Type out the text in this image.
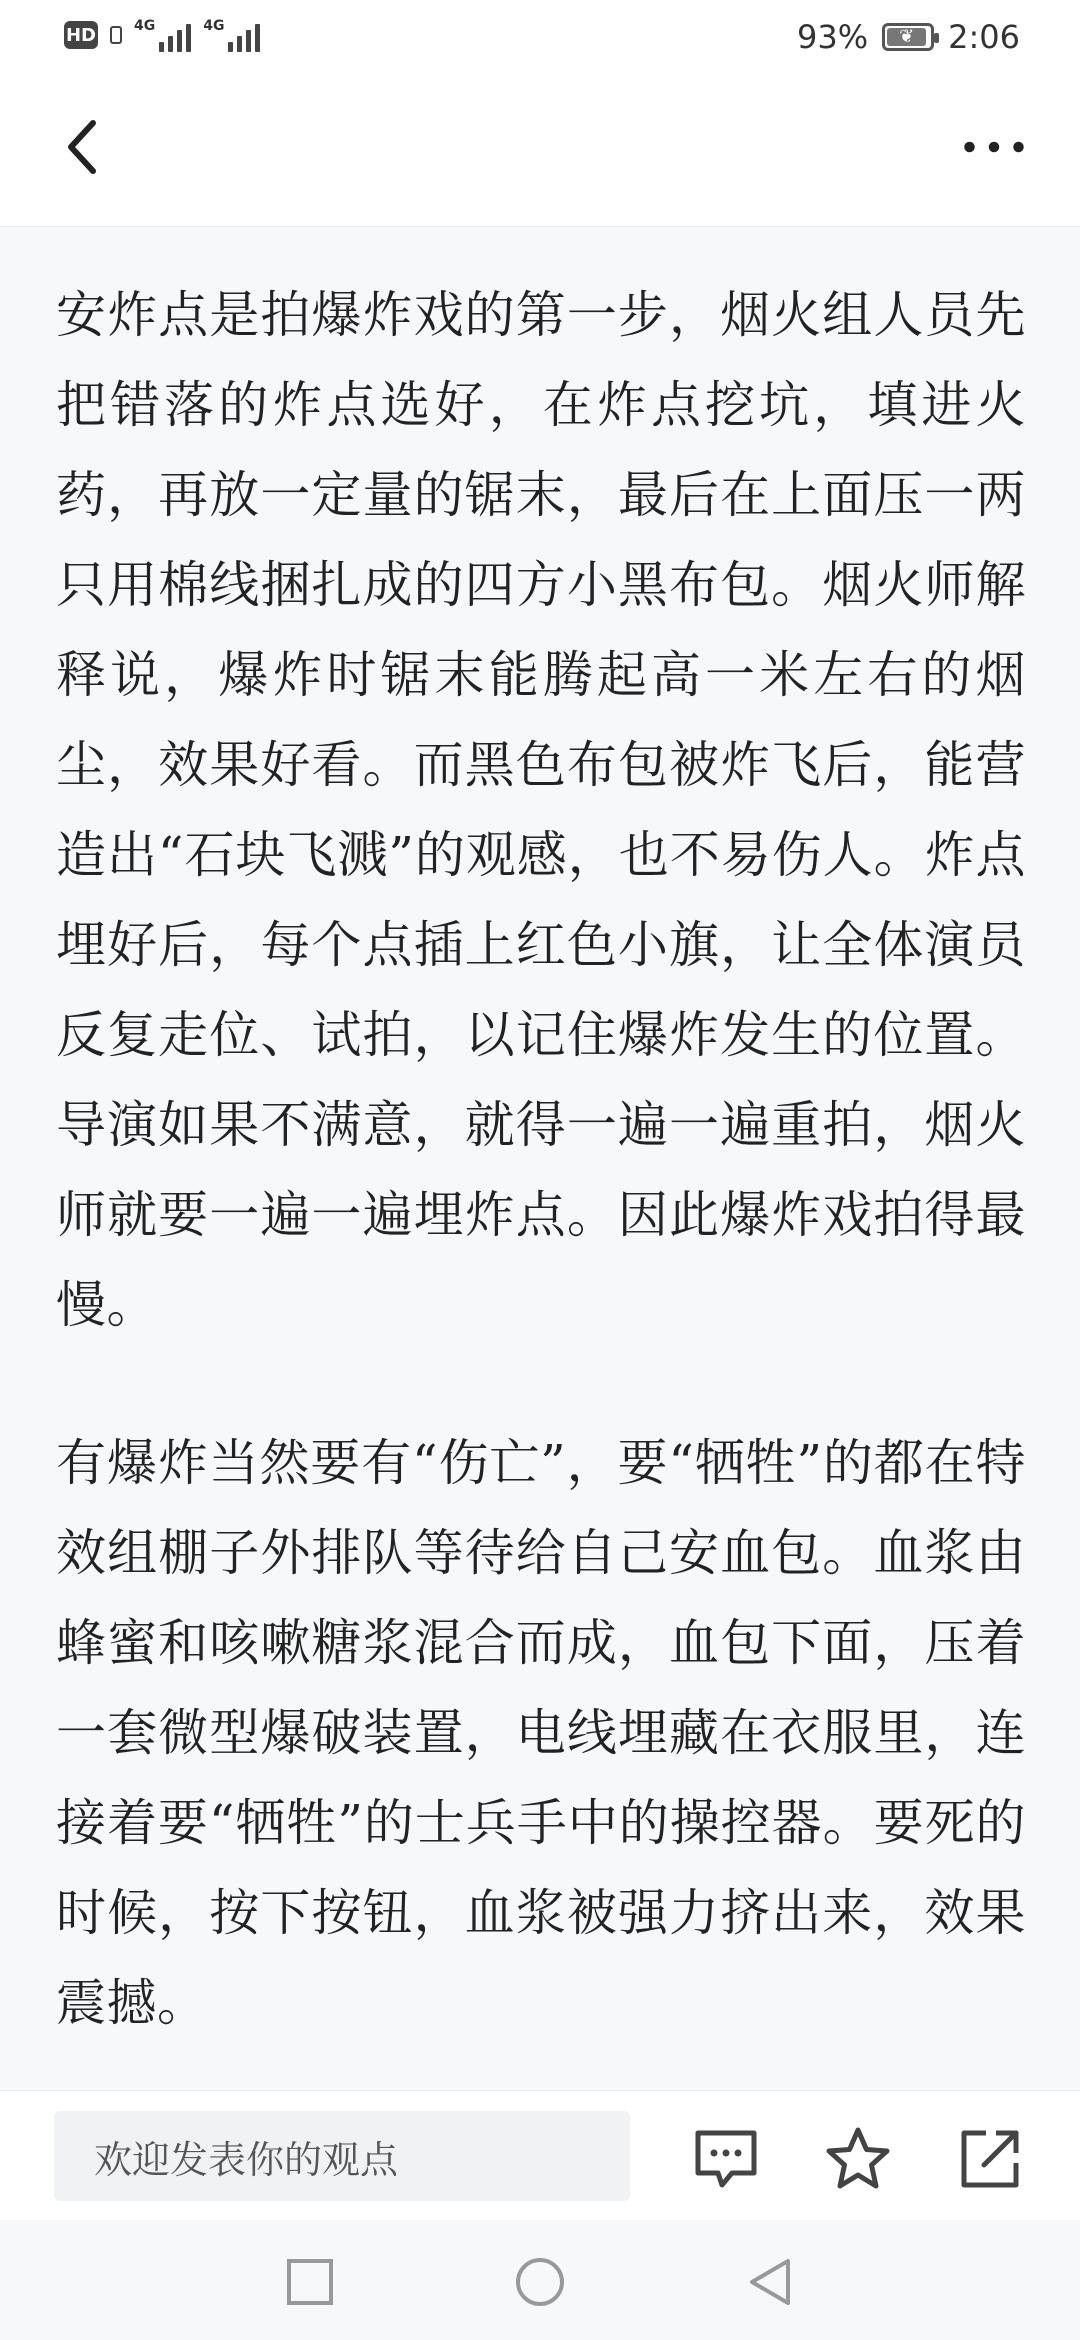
HD	4G	4G	93% ❦ 2:06

安炸点是拍爆炸戏的第一步，烟火组人员先把错落的炸点选好，在炸点挖坑，填进火药，再放一定量的锯末，最后在上面压一两只用棉线捆扎成的四方小黑布包。烟火师解释说，爆炸时锯末能腾起高一米左右的烟尘，效果好看。而黑色布包被炸飞后，能营造出“石块飞溅”的观感，也不易伤人。炸点埋好后，每个点插上红色小旗，让全体演员反复走位、试拍，以记住爆炸发生的位置。导演如果不满意，就得一遍一遍重拍，烟火师就要一遍一遍埋炸点。因此爆炸戏拍得最慢。

有爆炸当然要有“伤亡”，要“牺牲”的都在特效组棚子外排队等待给自己安血包。血浆由蜂蜜和咳嗽糖浆混合而成，血包下面，压着一套微型爆破装置，电线埋藏在衣服里，连接着要“牺牲”的士兵手中的操控器。要死的时候，按下按钮，血浆被强力挤出来，效果震撼。

欢迎发表你的观点
